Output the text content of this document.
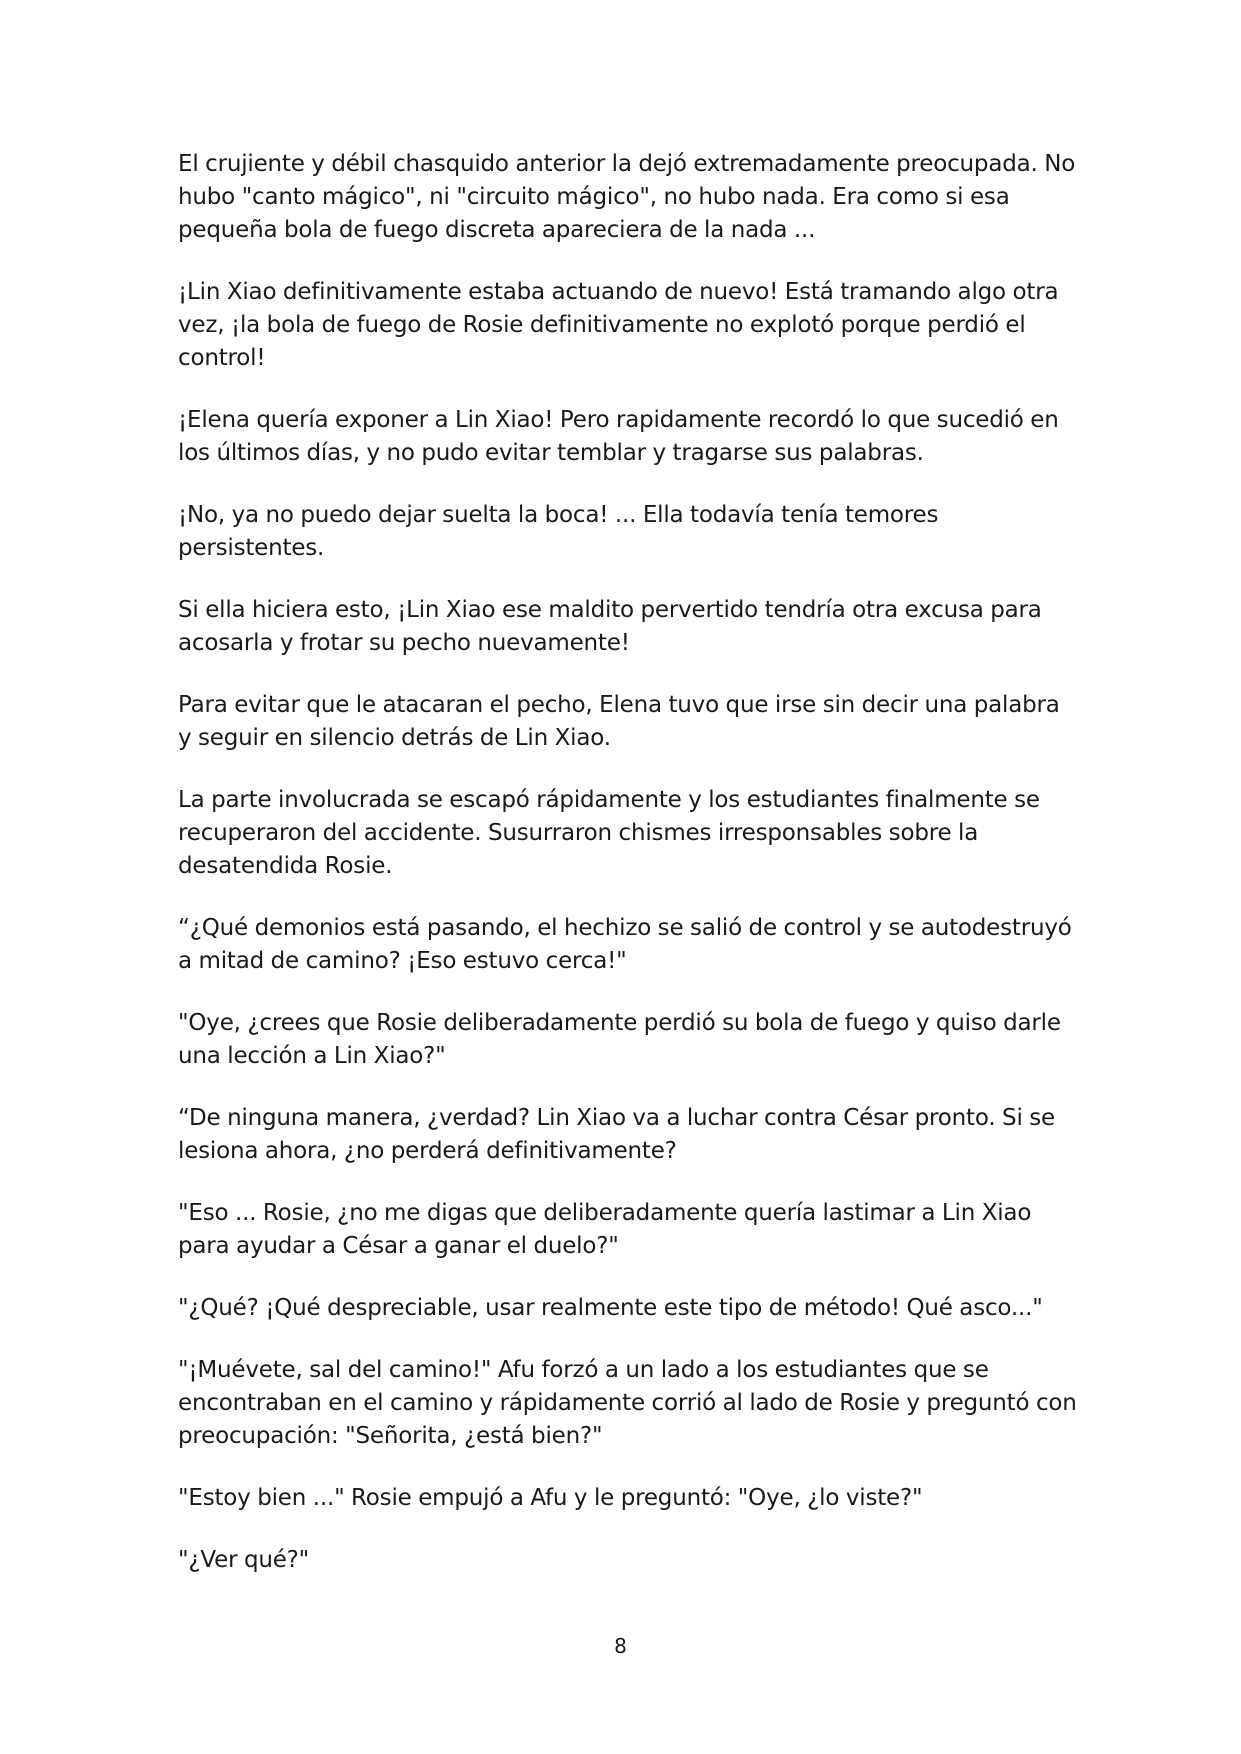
El crujiente y débil chasquido anterior la dejó extremadamente preocupada. No hubo "canto mágico", ni "circuito mágico", no hubo nada. Era como si esa pequeña bola de fuego discreta apareciera de la nada ...

¡Lin Xiao definitivamente estaba actuando de nuevo! Está tramando algo otra vez, ¡la bola de fuego de Rosie definitivamente no explotó porque perdió el control!

¡Elena quería exponer a Lin Xiao! Pero rapidamente recordó lo que sucedió en los últimos días, y no pudo evitar temblar y tragarse sus palabras.

¡No, ya no puedo dejar suelta la boca! ... Ella todavía tenía temores persistentes.

Si ella hiciera esto, ¡Lin Xiao ese maldito pervertido tendría otra excusa para acosarla y frotar su pecho nuevamente!

Para evitar que le atacaran el pecho, Elena tuvo que irse sin decir una palabra y seguir en silencio detrás de Lin Xiao.

La parte involucrada se escapó rápidamente y los estudiantes finalmente se recuperaron del accidente. Susurraron chismes irresponsables sobre la desatendida Rosie.

“¿Qué demonios está pasando, el hechizo se salió de control y se autodestruyó a mitad de camino? ¡Eso estuvo cerca!"

"Oye, ¿crees que Rosie deliberadamente perdió su bola de fuego y quiso darle una lección a Lin Xiao?"

“De ninguna manera, ¿verdad? Lin Xiao va a luchar contra César pronto. Si se lesiona ahora, ¿no perderá definitivamente?

"Eso ... Rosie, ¿no me digas que deliberadamente quería lastimar a Lin Xiao para ayudar a César a ganar el duelo?"

"¿Qué? ¡Qué despreciable, usar realmente este tipo de método! Qué asco..."

"¡Muévete, sal del camino!" Afu forzó a un lado a los estudiantes que se encontraban en el camino y rápidamente corrió al lado de Rosie y preguntó con preocupación: "Señorita, ¿está bien?"

"Estoy bien ..." Rosie empujó a Afu y le preguntó: "Oye, ¿lo viste?"

"¿Ver qué?"

8
